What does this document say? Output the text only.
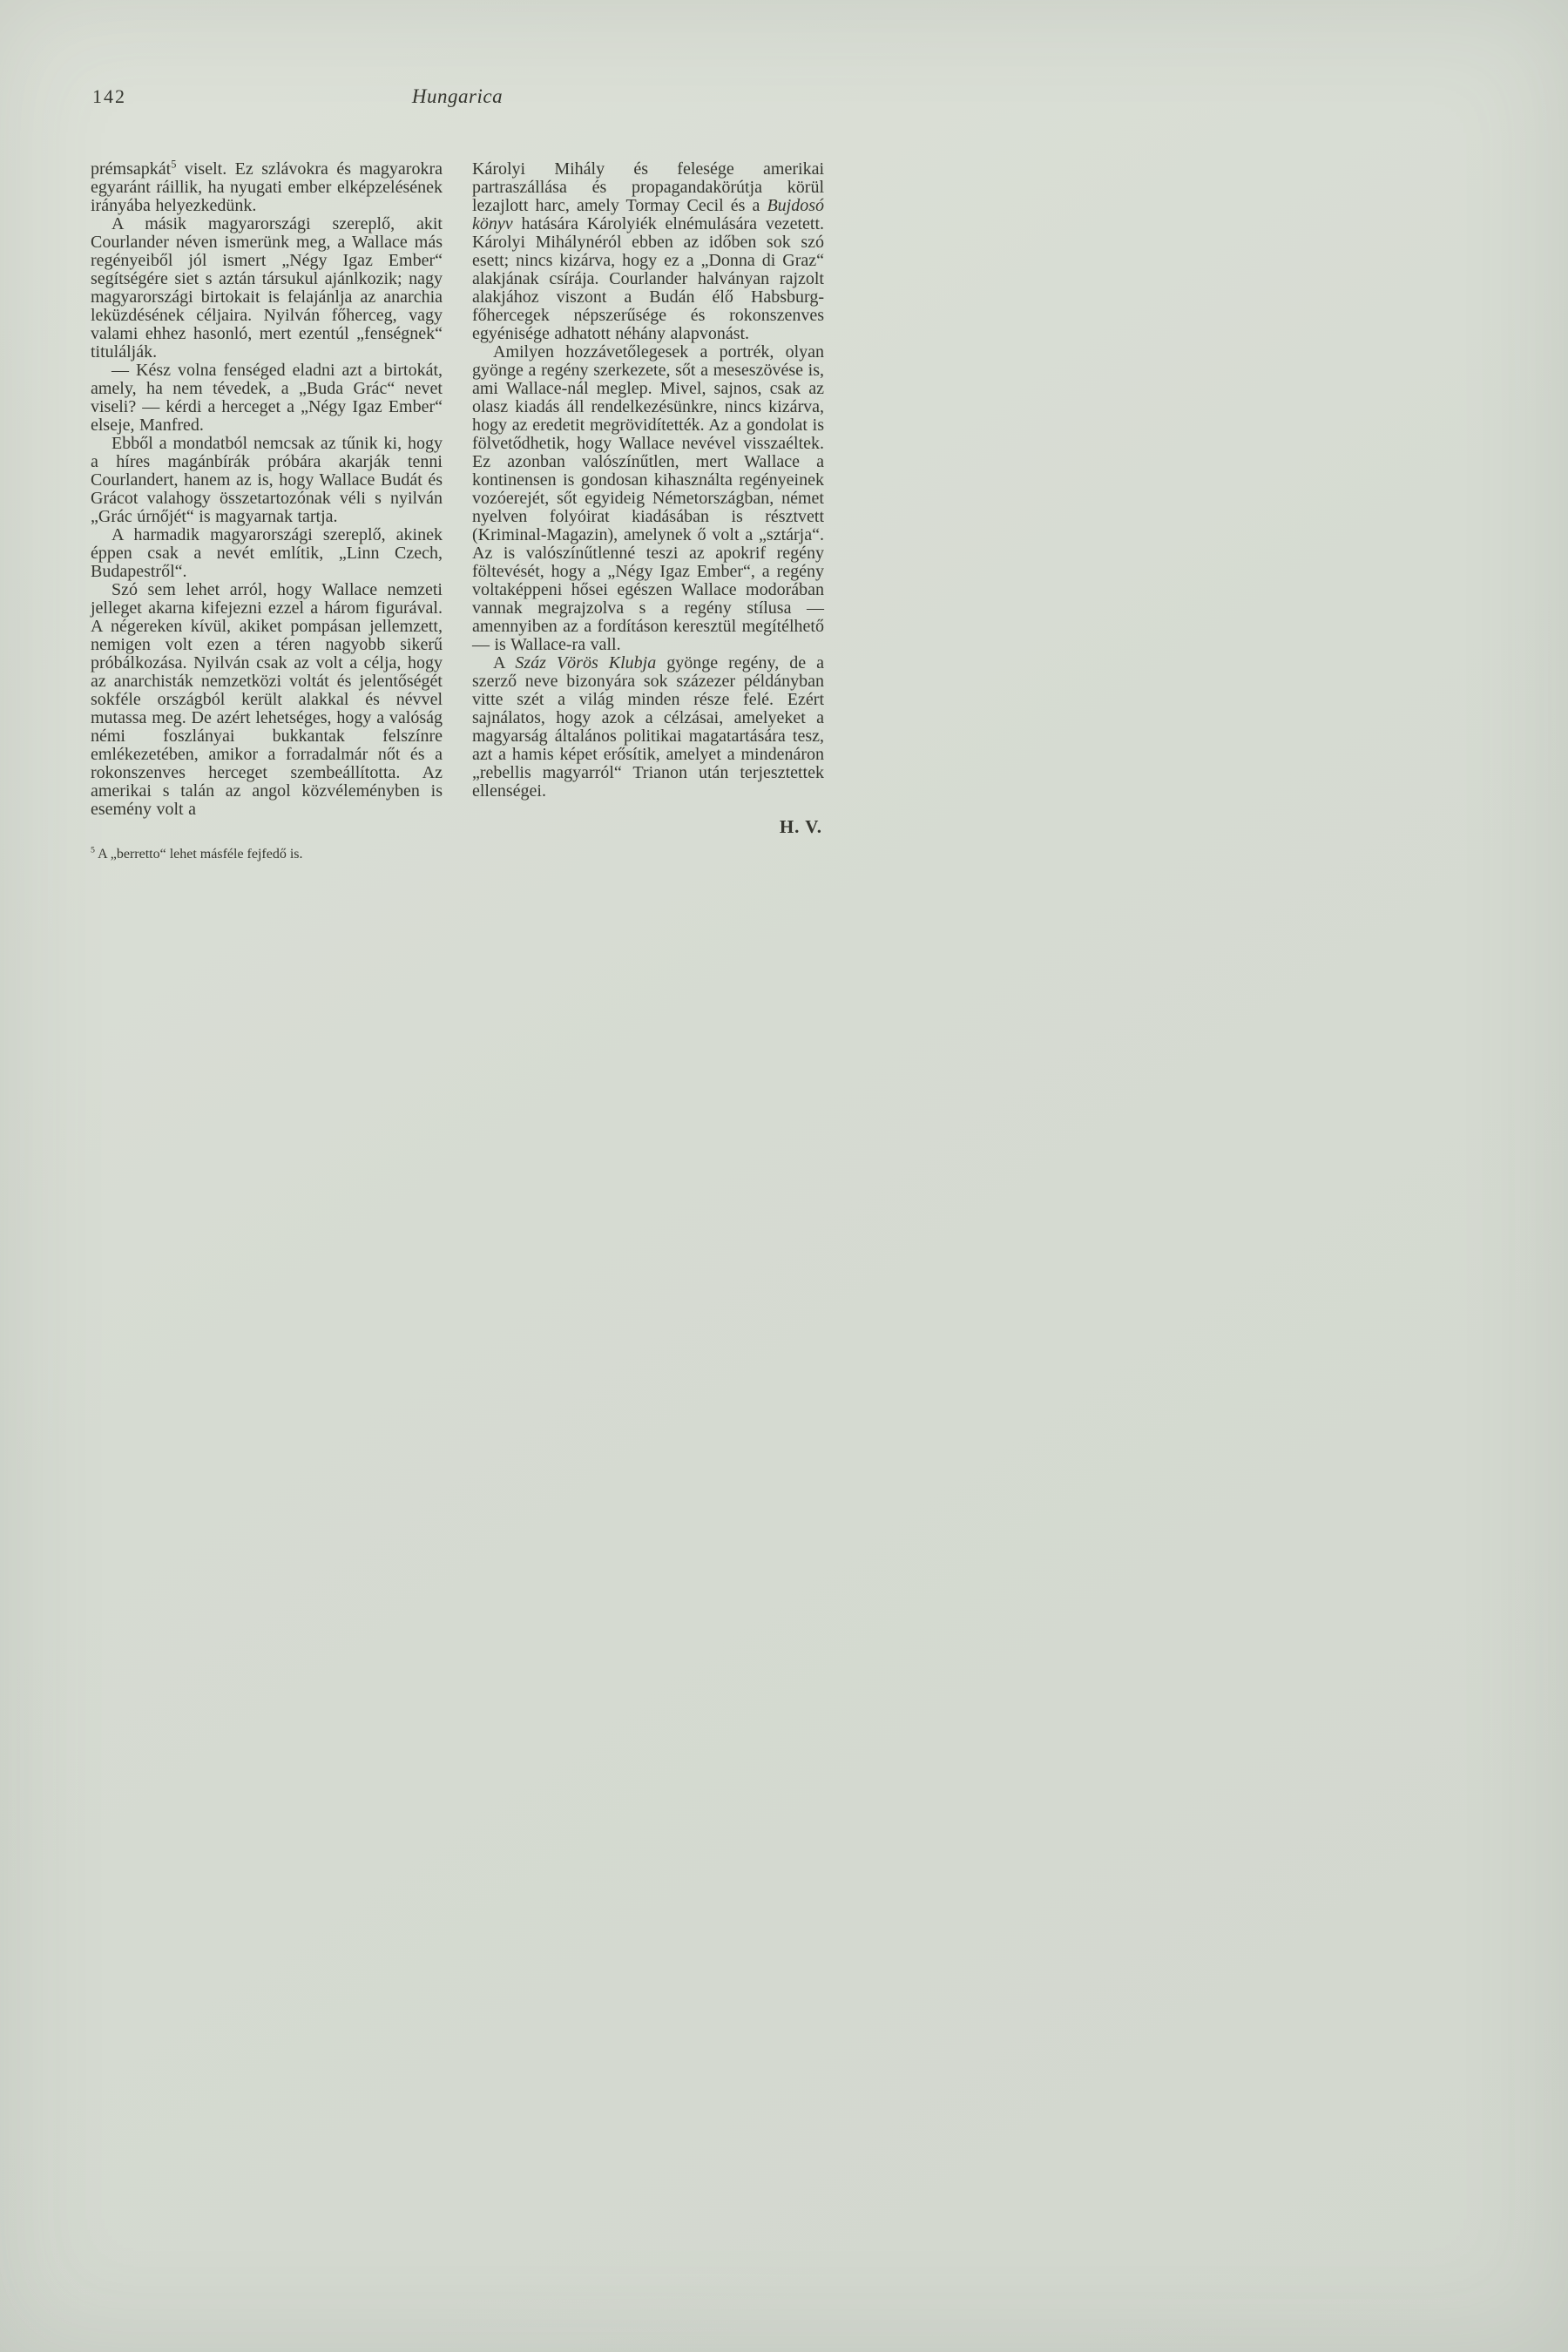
142	Hungarica

prémsapkát$^5$ viselt. Ez szlávokra és magyarokra egyaránt ráillik, ha nyugati ember elképzelésének irányába helyezkedünk.

A másik magyarországi szereplő, akit Courlander néven ismerünk meg, a Wallace más regényeiből jól ismert „Négy Igaz Ember“ segítségére siet s aztán társukul ajánlkozik; nagy magyarországi birtokait is felajánlja az anarchia leküzdésének céljaira. Nyilván főherceg, vagy valami ehhez hasonló, mert ezentúl „fenségnek“ titulálják.

— Kész volna fenséged eladni azt a birtokát, amely, ha nem tévedek, a „Buda Grác“ nevet viseli? — kérdi a herceget a „Négy Igaz Ember“ elseje, Manfred.

Ebből a mondatból nemcsak az tűnik ki, hogy a híres magánbírák próbára akarják tenni Courlandert, hanem az is, hogy Wallace Budát és Grácot valahogy összetartozónak véli s nyilván „Grác úrnőjét“ is magyarnak tartja.

A harmadik magyarországi szereplő, akinek éppen csak a nevét említik, „Linn Czech, Budapestről“.

Szó sem lehet arról, hogy Wallace nemzeti jelleget akarna kifejezni ezzel a három figurával. A négereken kívül, akiket pompásan jellemzett, nemigen volt ezen a téren nagyobb sikerű próbálkozása. Nyilván csak az volt a célja, hogy az anarchisták nemzetközi voltát és jelentőségét sokféle országból került alakkal és névvel mutassa meg. De azért lehetséges, hogy a valóság némi foszlányai bukkantak felszínre emlékezetében, amikor a forradalmár nőt és a rokonszenves herceget szembeállította. Az amerikai s talán az angol közvéleményben is esemény volt a

$^5$ A „berretto“ lehet másféle fejfedő is.

Károlyi Mihály és felesége amerikai partraszállása és propagandakörútja körül lezajlott harc, amely Tormay Cecil és a Bujdosó könyv hatására Károlyiék elnémulására vezetett. Károlyi Mihálynéról ebben az időben sok szó esett; nincs kizárva, hogy ez a „Donna di Graz“ alakjának csírája. Courlander halványan rajzolt alakjához viszont a Budán élő Habsburg-főhercegek népszerűsége és rokonszenves egyénisége adhatott néhány alapvonást.

Amilyen hozzávetőlegesek a portrék, olyan gyönge a regény szerkezete, sőt a meseszövése is, ami Wallace-nál meglep. Mivel, sajnos, csak az olasz kiadás áll rendelkezésünkre, nincs kizárva, hogy az eredetit megrövidítették. Az a gondolat is fölvetődhetik, hogy Wallace nevével visszaéltek. Ez azonban valószínűtlen, mert Wallace a kontinensen is gondosan kihasználta regényeinek vozóerejét, sőt egyideig Németországban, német nyelven folyóirat kiadásában is résztvett (Kriminal-Magazin), amelynek ő volt a „sztárja“. Az is valószínűtlenné teszi az apokrif regény föltevését, hogy a „Négy Igaz Ember“, a regény voltaképpeni hősei egészen Wallace modorában vannak megrajzolva s a regény stílusa — amennyiben az a fordításon keresztül megítélhető — is Wallace-ra vall.

A Száz Vörös Klubja gyönge regény, de a szerző neve bizonyára sok százezer példányban vitte szét a világ minden része felé. Ezért sajnálatos, hogy azok a célzásai, amelyeket a magyarság általános politikai magatartására tesz, azt a hamis képet erősítik, amelyet a mindenáron „rebellis magyarról“ Trianon után terjesztettek ellenségei.

H. V.
